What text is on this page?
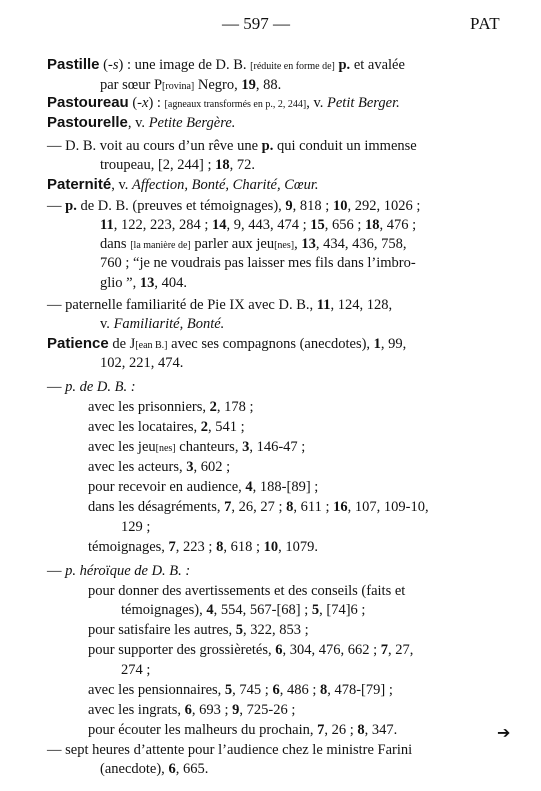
— 597 —	PAT
Pastille (-s) : une image de D. B. [réduite en forme de] p. et avalée
par sœur P[rovina] Negro, 19, 88.
Pastoureau (-x) : [agneaux transformés en p., 2, 244], v. Petit Berger.
Pastourelle, v. Petite Bergère.
— D. B. voit au cours d’un rêve une p. qui conduit un immense
troupeau, [2, 244] ; 18, 72.
Paternité, v. Affection, Bonté, Charité, Cœur.
— p. de D. B. (preuves et témoignages), 9, 818 ; 10, 292, 1026 ;
11, 122, 223, 284 ; 14, 9, 443, 474 ; 15, 656 ; 18, 476 ;
dans [la manière de] parler aux jeu[nes], 13, 434, 436, 758,
760 ; “je ne voudrais pas laisser mes fils dans l’imbro-
glio ”, 13, 404.
— paternelle familiarité de Pie IX avec D. B., 11, 124, 128,
v. Familiarité, Bonté.
Patience de J[ean B.] avec ses compagnons (anecdotes), 1, 99,
102, 221, 474.
— p. de D. B. :
avec les prisonniers, 2, 178 ;
avec les locataires, 2, 541 ;
avec les jeu[nes] chanteurs, 3, 146-47 ;
avec les acteurs, 3, 602 ;
pour recevoir en audience, 4, 188-[89] ;
dans les désagréments, 7, 26, 27 ; 8, 611 ; 16, 107, 109-10,
129 ;
témoignages, 7, 223 ; 8, 618 ; 10, 1079.
— p. héroïque de D. B. :
pour donner des avertissements et des conseils (faits et
témoignages), 4, 554, 567-[68] ; 5, [74]6 ;
pour satisfaire les autres, 5, 322, 853 ;
pour supporter des grossièretés, 6, 304, 476, 662 ; 7, 27,
274 ;
avec les pensionnaires, 5, 745 ; 6, 486 ; 8, 478-[79] ;
avec les ingrats, 6, 693 ; 9, 725-26 ;
pour écouter les malheurs du prochain, 7, 26 ; 8, 347.
— sept heures d’attente pour l’audience chez le ministre Farini
(anecdote), 6, 665.
➔
